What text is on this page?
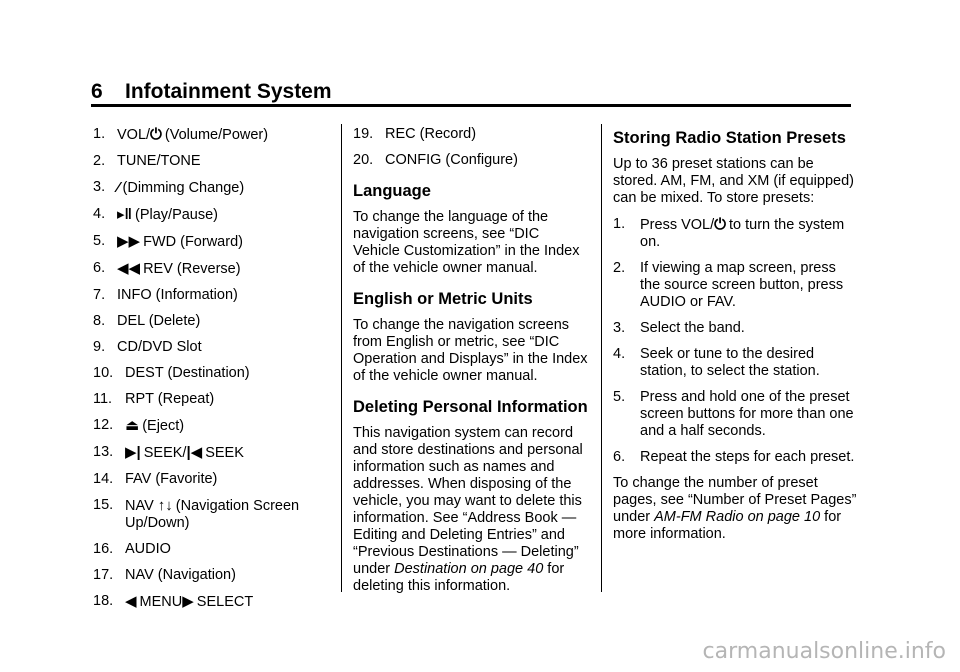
6 Infotainment System
1. VOL/⏻ (Volume/Power)
2. TUNE/TONE
3. ⁄ (Dimming Change)
4. ▸‖ (Play/Pause)
5. ▶▶ FWD (Forward)
6. ◀◀ REV (Reverse)
7. INFO (Information)
8. DEL (Delete)
9. CD/DVD Slot
10. DEST (Destination)
11. RPT (Repeat)
12. ⏏ (Eject)
13. ▶| SEEK/|◀ SEEK
14. FAV (Favorite)
15. NAV ↑↓ (Navigation Screen Up/Down)
16. AUDIO
17. NAV (Navigation)
18. ◀ MENU▶ SELECT
19. REC (Record)
20. CONFIG (Configure)
Language
To change the language of the navigation screens, see “DIC Vehicle Customization” in the Index of the vehicle owner manual.
English or Metric Units
To change the navigation screens from English or metric, see “DIC Operation and Displays” in the Index of the vehicle owner manual.
Deleting Personal Information
This navigation system can record and store destinations and personal information such as names and addresses. When disposing of the vehicle, you may want to delete this information. See “Address Book — Editing and Deleting Entries” and “Previous Destinations — Deleting” under Destination on page 40 for deleting this information.
Storing Radio Station Presets
Up to 36 preset stations can be stored. AM, FM, and XM (if equipped) can be mixed. To store presets:
1. Press VOL/⏻ to turn the system on.
2. If viewing a map screen, press the source screen button, press AUDIO or FAV.
3. Select the band.
4. Seek or tune to the desired station, to select the station.
5. Press and hold one of the preset screen buttons for more than one and a half seconds.
6. Repeat the steps for each preset.
To change the number of preset pages, see “Number of Preset Pages” under AM-FM Radio on page 10 for more information.
carmanualsonline.info
